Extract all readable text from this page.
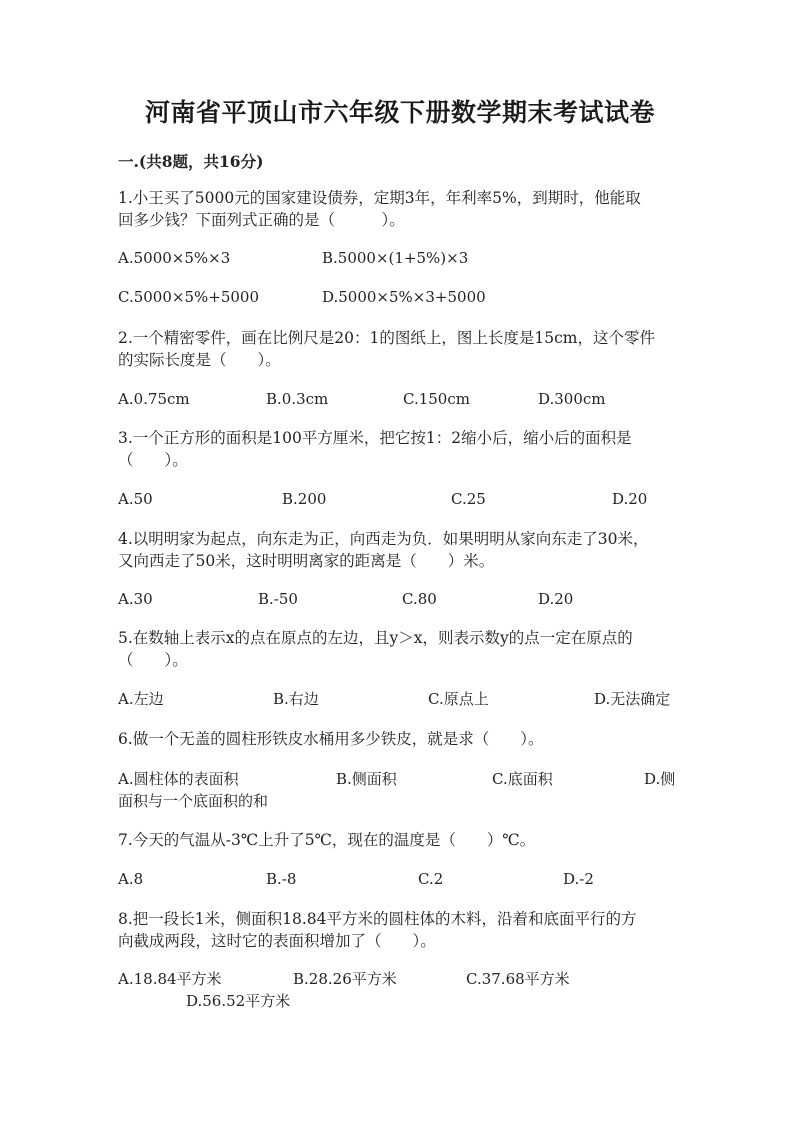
河南省平顶山市六年级下册数学期末考试试卷
一.(共8题，共16分)
1.小王买了5000元的国家建设债券，定期3年，年利率5%，到期时，他能取
回多少钱？下面列式正确的是（　　　）。
A.5000×5%×3	B.5000×(1+5%)×3
C.5000×5%+5000	D.5000×5%×3+5000
2.一个精密零件，画在比例尺是20：1的图纸上，图上长度是15cm，这个零件
的实际长度是（　　）。
A.0.75cm	B.0.3cm	C.150cm	D.300cm
3.一个正方形的面积是100平方厘米，把它按1：2缩小后，缩小后的面积是
（　　）。
A.50	B.200	C.25	D.20
4.以明明家为起点，向东走为正，向西走为负．如果明明从家向东走了30米，
又向西走了50米，这时明明离家的距离是（　　）米。
A.30	B.-50	C.80	D.20
5.在数轴上表示x的点在原点的左边，且y＞x，则表示数y的点一定在原点的
（　　）。
A.左边	B.右边	C.原点上	D.无法确定
6.做一个无盖的圆柱形铁皮水桶用多少铁皮，就是求（　　）。
A.圆柱体的表面积	B.侧面积	C.底面积	D.侧
面积与一个底面积的和
7.今天的气温从-3℃上升了5℃，现在的温度是（　　）℃。
A.8	B.-8	C.2	D.-2
8.把一段长1米，侧面积18.84平方米的圆柱体的木料，沿着和底面平行的方
向截成两段，这时它的表面积增加了（　　）。
A.18.84平方米	B.28.26平方米	C.37.68平方米
D.56.52平方米
